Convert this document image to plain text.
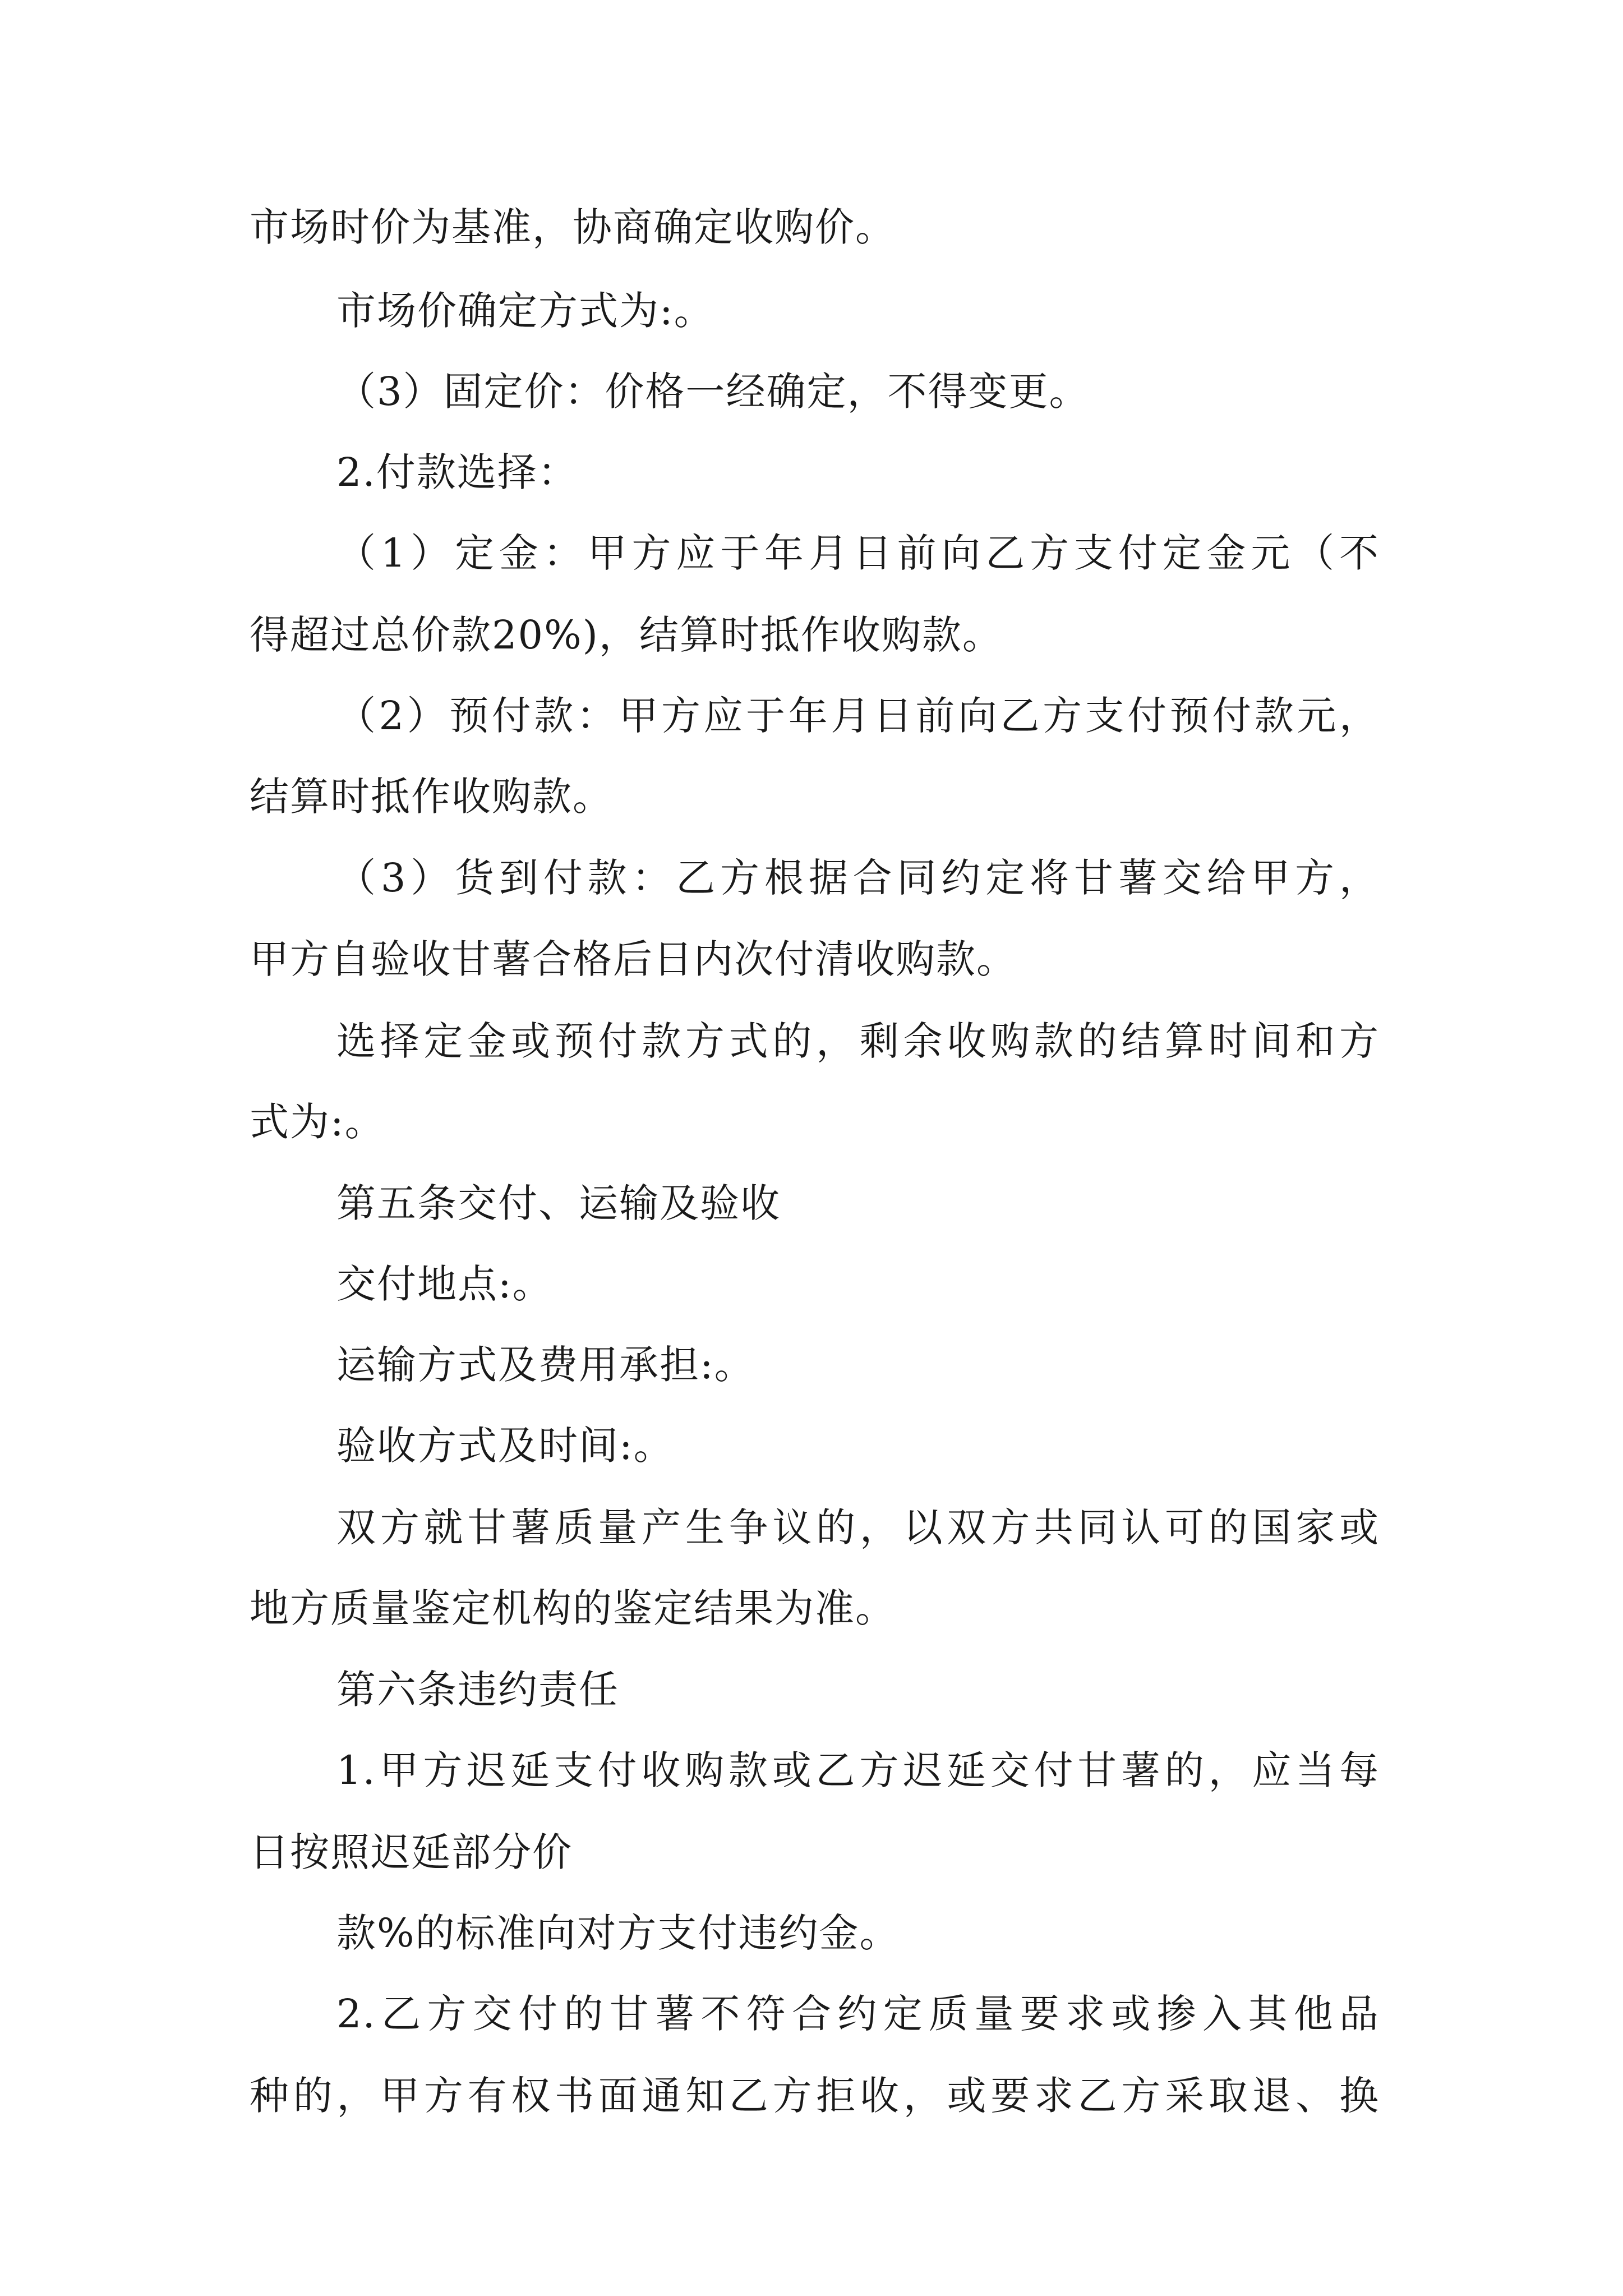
市场时价为基准，协商确定收购价。
市场价确定方式为:。
（3）固定价：价格一经确定，不得变更。
2.付款选择：
（1）定金：甲方应于年月日前向乙方支付定金元（不
得超过总价款20%)，结算时抵作收购款。
（2）预付款：甲方应于年月日前向乙方支付预付款元，
结算时抵作收购款。
（3）货到付款：乙方根据合同约定将甘薯交给甲方，
甲方自验收甘薯合格后日内次付清收购款。
选择定金或预付款方式的，剩余收购款的结算时间和方
式为:。
第五条交付、运输及验收
交付地点:。
运输方式及费用承担:。
验收方式及时间:。
双方就甘薯质量产生争议的，以双方共同认可的国家或
地方质量鉴定机构的鉴定结果为准。
第六条违约责任
1.甲方迟延支付收购款或乙方迟延交付甘薯的，应当每
日按照迟延部分价
款%的标准向对方支付违约金。
2.乙方交付的甘薯不符合约定质量要求或掺入其他品
种的，甲方有权书面通知乙方拒收，或要求乙方采取退、换
